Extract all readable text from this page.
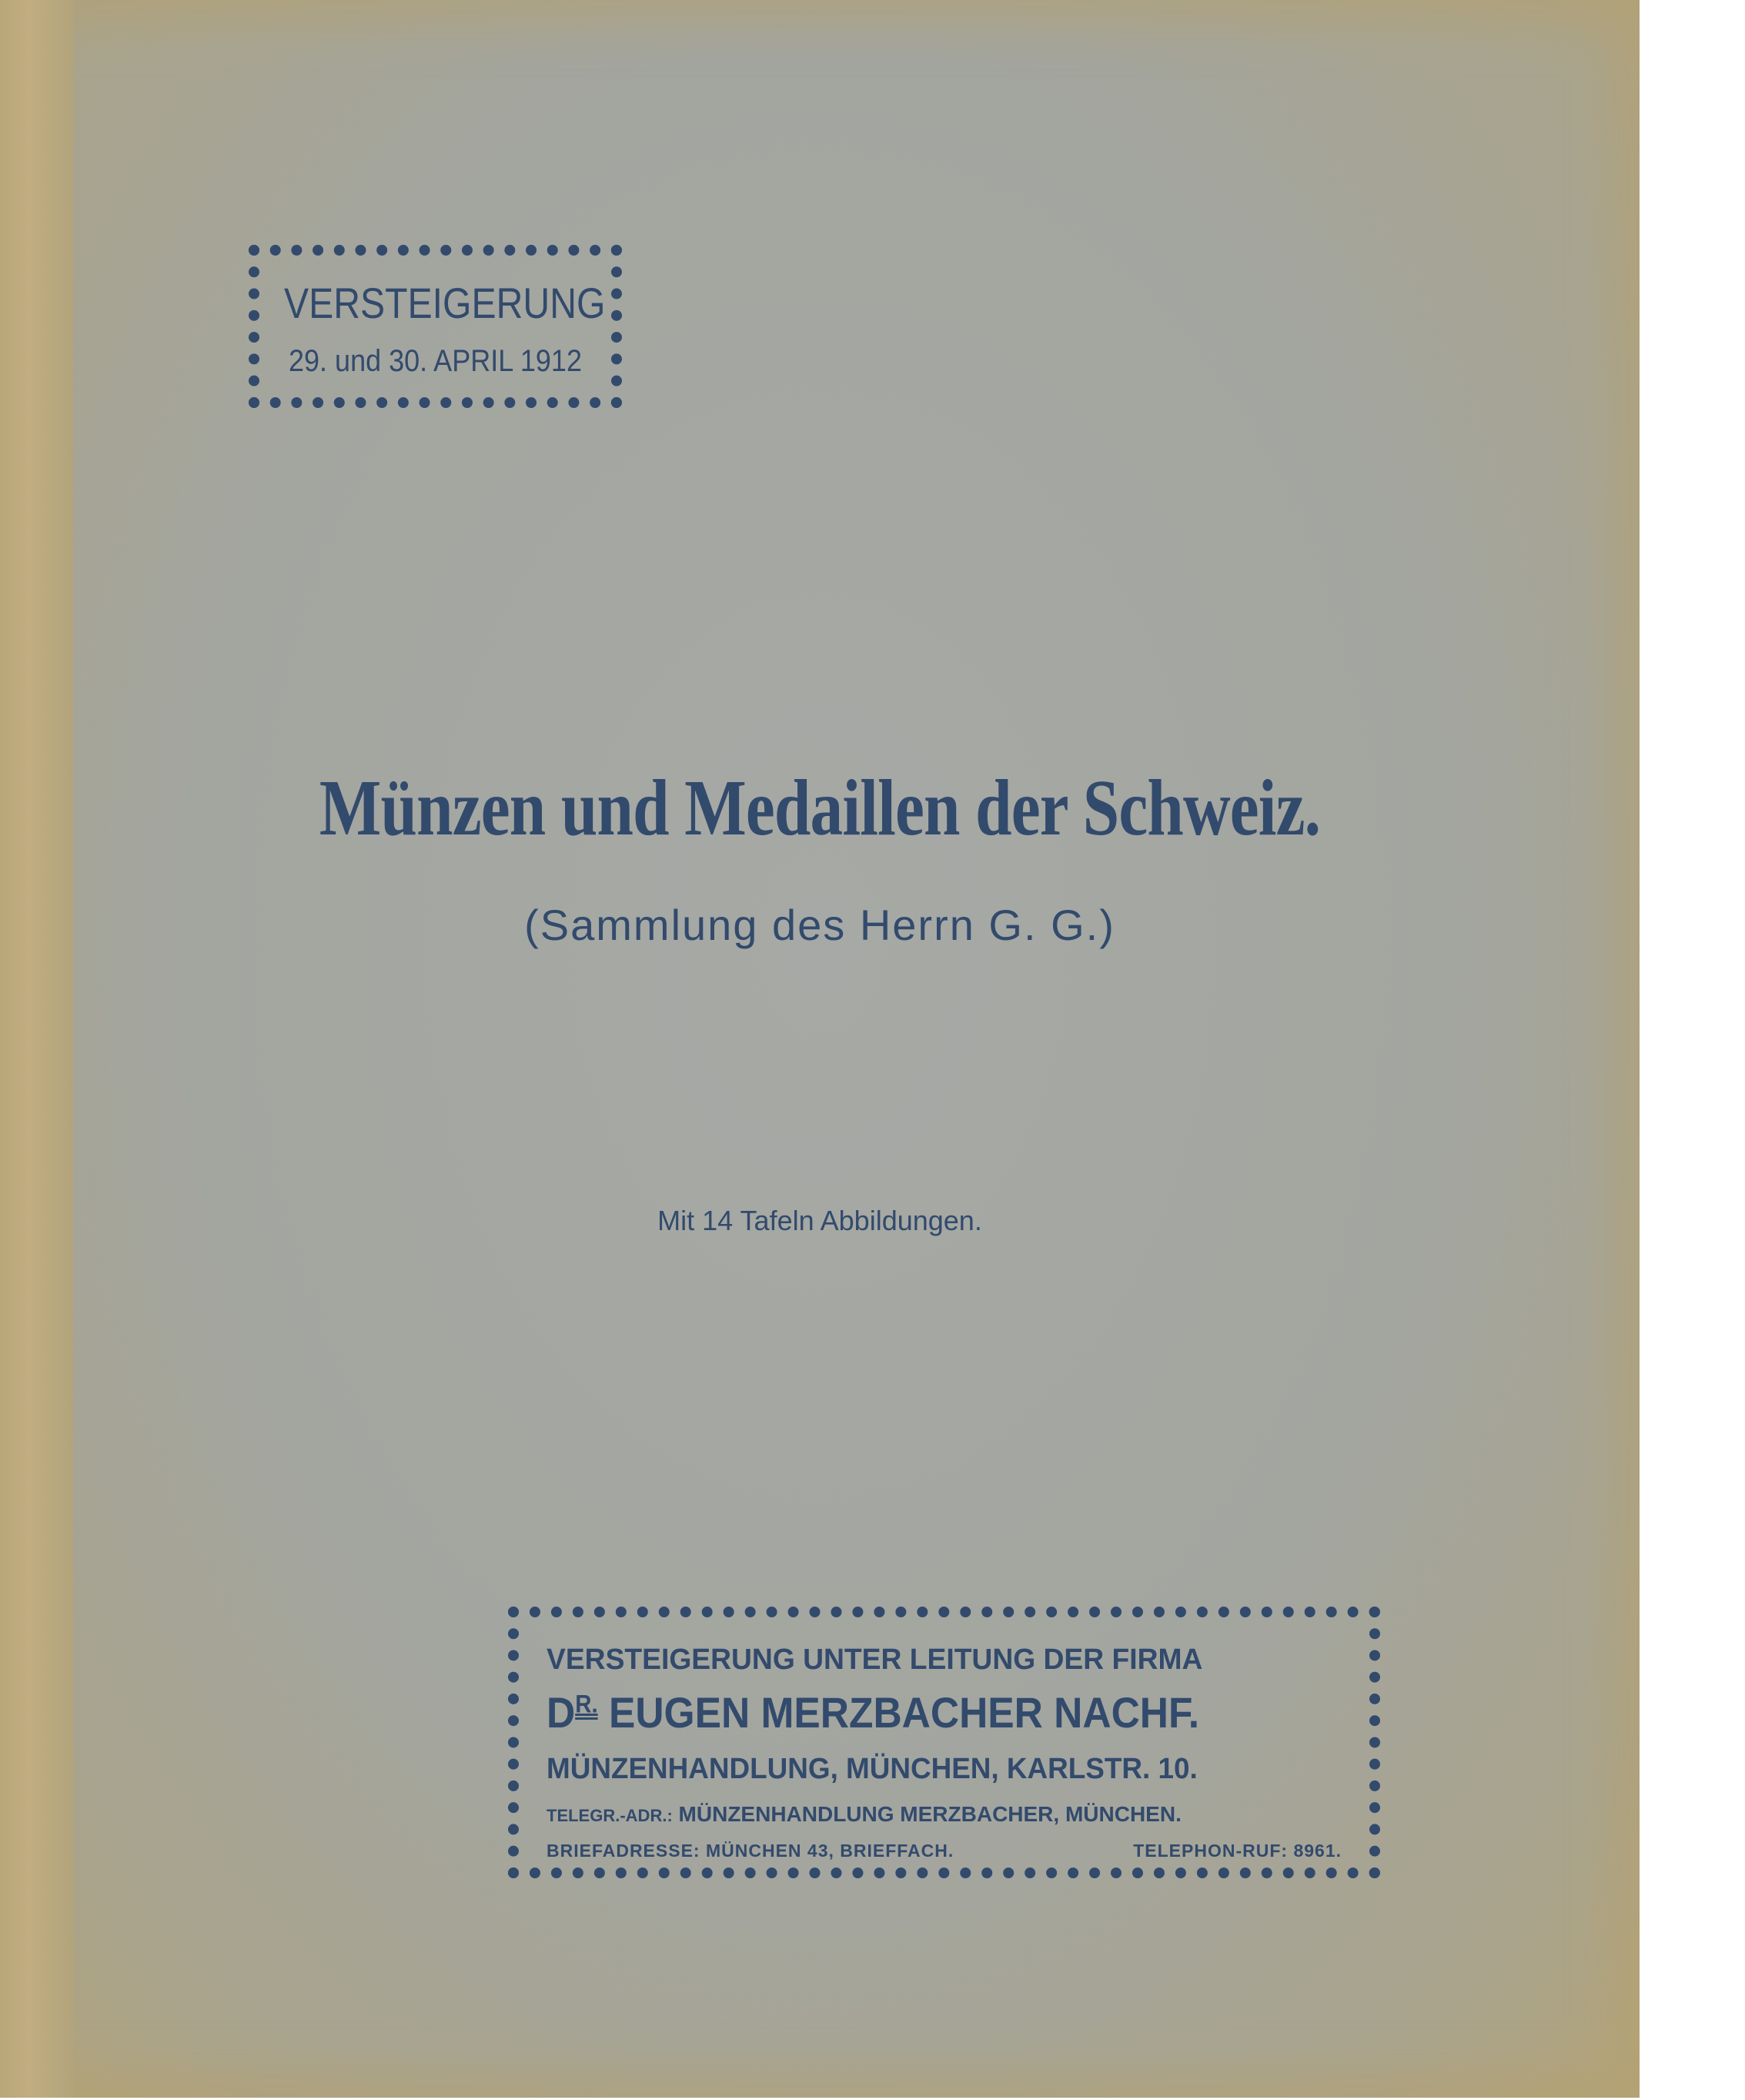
VERSTEIGERUNG
29. und 30. APRIL 1912
Münzen und Medaillen der Schweiz.
(Sammlung des Herrn G. G.)
Mit 14 Tafeln Abbildungen.
VERSTEIGERUNG UNTER LEITUNG DER FIRMA
$D^{R.}$ EUGEN MERZBACHER NACHF.
MÜNZENHANDLUNG, MÜNCHEN, KARLSTR. 10.
TELEGR.-ADR.: MÜNZENHANDLUNG MERZBACHER, MÜNCHEN.
BRIEFADRESSE: MÜNCHEN 43, BRIEFFACH.	TELEPHON-RUF: 8961.
